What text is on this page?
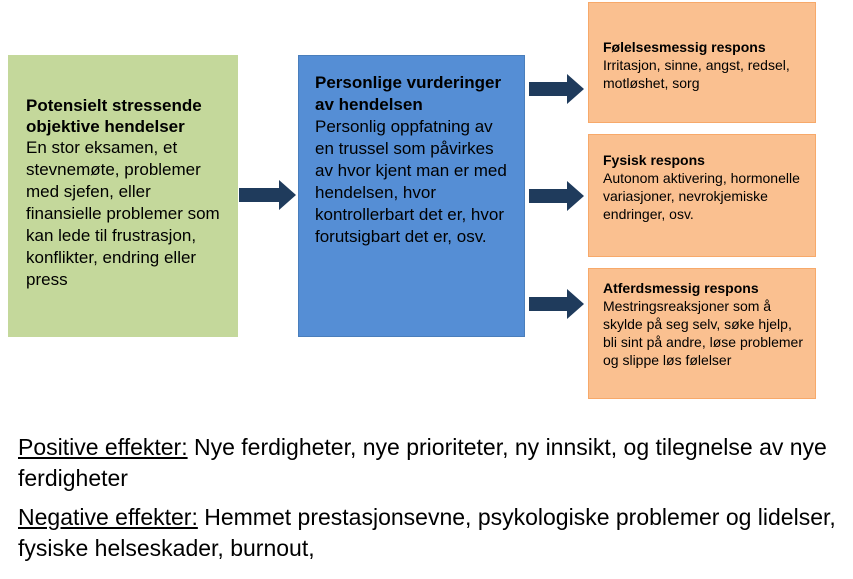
Potensielt stressende objektive hendelser
En stor eksamen, et stevnemøte, problemer med sjefen, eller finansielle problemer som kan lede til frustrasjon, konflikter, endring eller press
Personlige vurderinger av hendelsen
Personlig oppfatning av en trussel som påvirkes av hvor kjent man er med hendelsen, hvor kontrollerbart det er, hvor forutsigbart det er, osv.
Følelsesmessig respons
Irritasjon, sinne, angst, redsel, motløshet, sorg
Fysisk respons
Autonom aktivering, hormonelle variasjoner, nevrokjemiske endringer, osv.
Atferdsmessig respons
Mestringsreaksjoner som å skylde på seg selv, søke hjelp, bli sint på andre, løse problemer og slippe løs følelser
Positive effekter: Nye ferdigheter, nye prioriteter, ny innsikt, og tilegnelse av nye ferdigheter
Negative effekter: Hemmet prestasjonsevne, psykologiske problemer og lidelser, fysiske helseskader, burnout,
